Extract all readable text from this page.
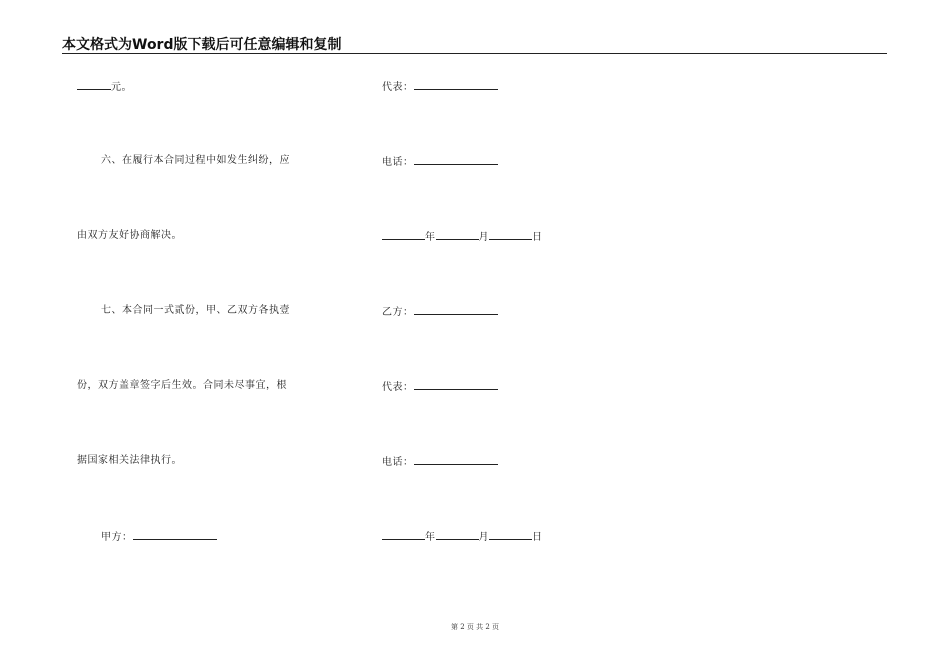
本文格式为Word版下载后可任意编辑和复制
元。
六、在履行本合同过程中如发生纠纷，应
由双方友好协商解决。
七、本合同一式贰份，甲、乙双方各执壹
份，双方盖章签字后生效。合同未尽事宜，根
据国家相关法律执行。
甲方：
代表：
电话：
年	月	日
乙方：
代表：
电话：
年	月	日
第 2 页 共 2 页
